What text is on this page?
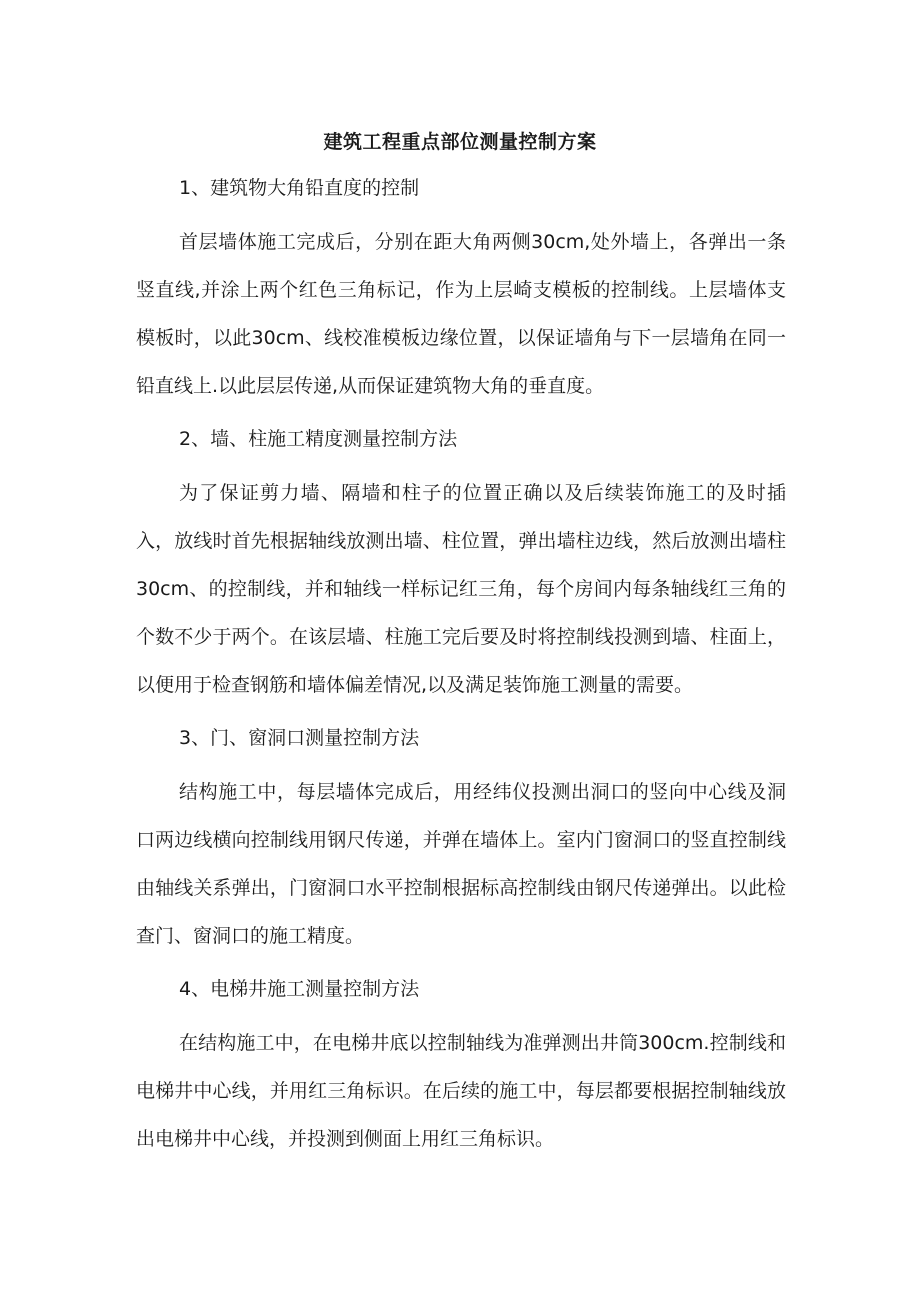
建筑工程重点部位测量控制方案

1、建筑物大角铅直度的控制

首层墙体施工完成后，分别在距大角两侧30cm,处外墙上，各弹出一条竖直线,并涂上两个红色三角标记，作为上层崎支模板的控制线。上层墙体支模板时，以此30cm、线校准模板边缘位置，以保证墙角与下一层墙角在同一铅直线上.以此层层传递,从而保证建筑物大角的垂直度。

2、墙、柱施工精度测量控制方法

为了保证剪力墙、隔墙和柱子的位置正确以及后续装饰施工的及时插入，放线时首先根据轴线放测出墙、柱位置，弹出墙柱边线，然后放测出墙柱30cm、的控制线，并和轴线一样标记红三角，每个房间内每条轴线红三角的个数不少于两个。在该层墙、柱施工完后要及时将控制线投测到墙、柱面上，以便用于检查钢筋和墙体偏差情况,以及满足装饰施工测量的需要。

3、门、窗洞口测量控制方法

结构施工中，每层墙体完成后，用经纬仪投测出洞口的竖向中心线及洞口两边线横向控制线用钢尺传递，并弹在墙体上。室内门窗洞口的竖直控制线由轴线关系弹出，门窗洞口水平控制根据标高控制线由钢尺传递弹出。以此检查门、窗洞口的施工精度。

4、电梯井施工测量控制方法

在结构施工中，在电梯井底以控制轴线为准弹测出井筒300cm.控制线和电梯井中心线，并用红三角标识。在后续的施工中，每层都要根据控制轴线放出电梯井中心线，并投测到侧面上用红三角标识。
